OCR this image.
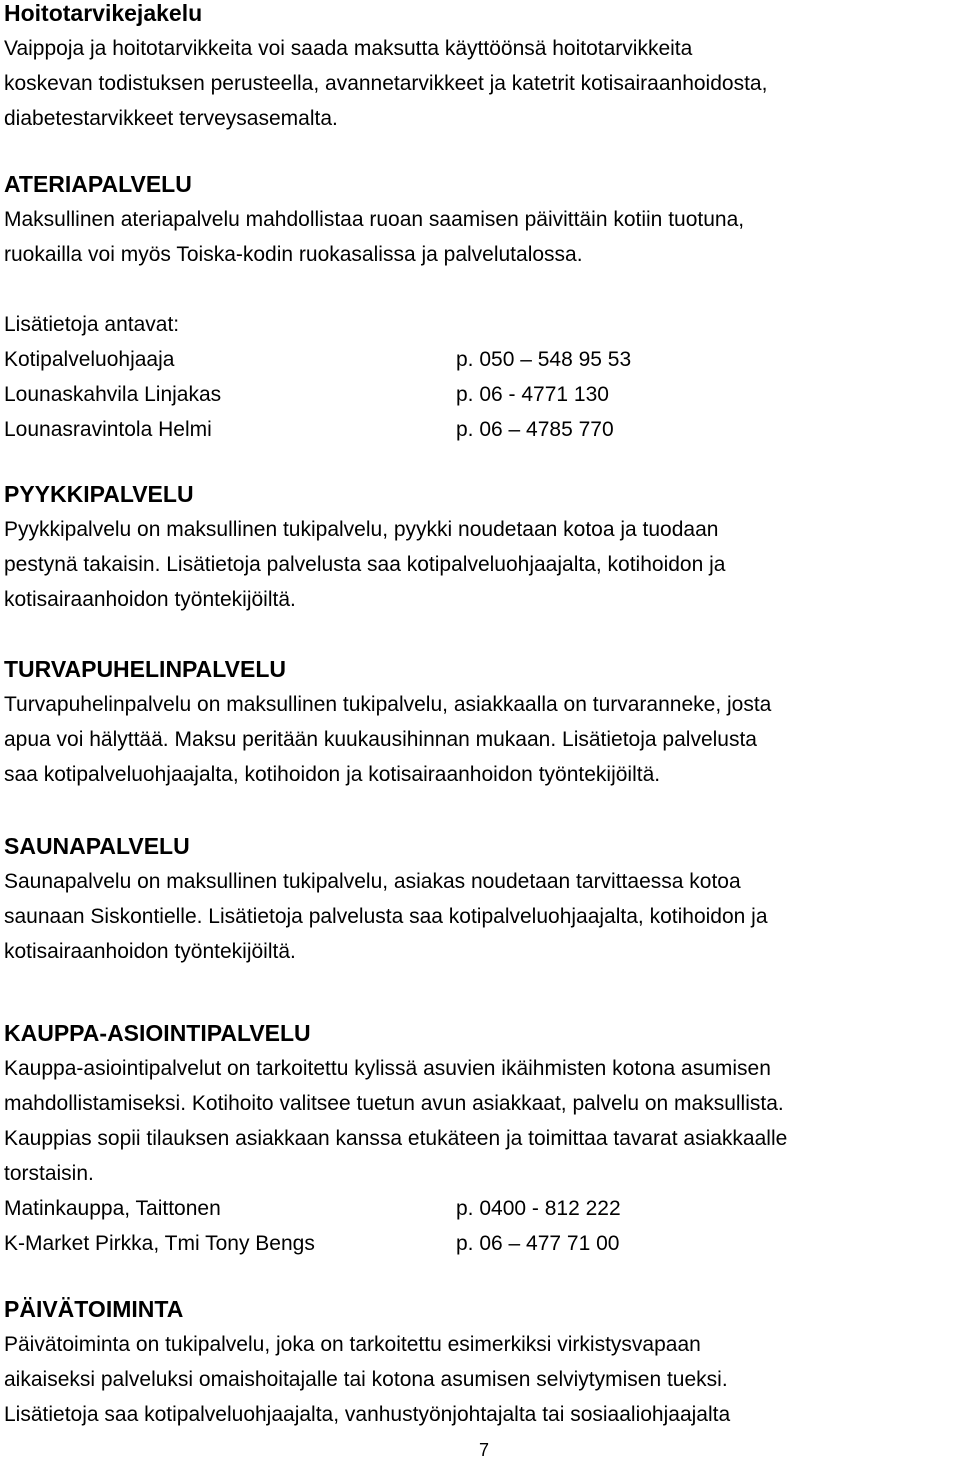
Hoitotarvikejakelu

Vaippoja ja hoitotarvikkeita voi saada maksutta käyttöönsä hoitotarvikkeita

koskevan todistuksen perusteella, avannetarvikkeet ja katetrit kotisairaanhoidosta,

diabetestarvikkeet terveysasemalta.

ATERIAPALVELU

Maksullinen ateriapalvelu mahdollistaa ruoan saamisen päivittäin kotiin tuotuna,

ruokailla voi myös Toiska-kodin ruokasalissa ja palvelutalossa.

Lisätietoja antavat:

Kotipalveluohjaaja	p. 050 – 548 95 53
Lounaskahvila Linjakas	p. 06 - 4771 130
Lounasravintola Helmi	p. 06 – 4785 770

PYYKKIPALVELU

Pyykkipalvelu on maksullinen tukipalvelu, pyykki noudetaan kotoa ja tuodaan

pestynä takaisin. Lisätietoja palvelusta saa kotipalveluohjaajalta, kotihoidon ja

kotisairaanhoidon työntekijöiltä.

TURVAPUHELINPALVELU

Turvapuhelinpalvelu on maksullinen tukipalvelu, asiakkaalla on turvaranneke, josta

apua voi hälyttää. Maksu peritään kuukausihinnan mukaan. Lisätietoja palvelusta

saa kotipalveluohjaajalta, kotihoidon ja kotisairaanhoidon työntekijöiltä.

SAUNAPALVELU

Saunapalvelu on maksullinen tukipalvelu, asiakas noudetaan tarvittaessa kotoa

saunaan Siskontielle. Lisätietoja palvelusta saa kotipalveluohjaajalta, kotihoidon ja

kotisairaanhoidon työntekijöiltä.

KAUPPA-ASIOINTIPALVELU

Kauppa-asiointipalvelut on tarkoitettu kylissä asuvien ikäihmisten kotona asumisen

mahdollistamiseksi. Kotihoito valitsee tuetun avun asiakkaat, palvelu on maksullista.

Kauppias sopii tilauksen asiakkaan kanssa etukäteen ja toimittaa tavarat asiakkaalle

torstaisin.

Matinkauppa, Taittonen	p. 0400 - 812 222
K-Market Pirkka, Tmi Tony Bengs	p. 06 – 477 71 00

PÄIVÄTOIMINTA

Päivätoiminta on tukipalvelu, joka on tarkoitettu esimerkiksi virkistysvapaan

aikaiseksi palveluksi omaishoitajalle tai kotona asumisen selviytymisen tueksi.

Lisätietoja saa kotipalveluohjaajalta, vanhustyönjohtajalta tai sosiaaliohjaajalta

7
